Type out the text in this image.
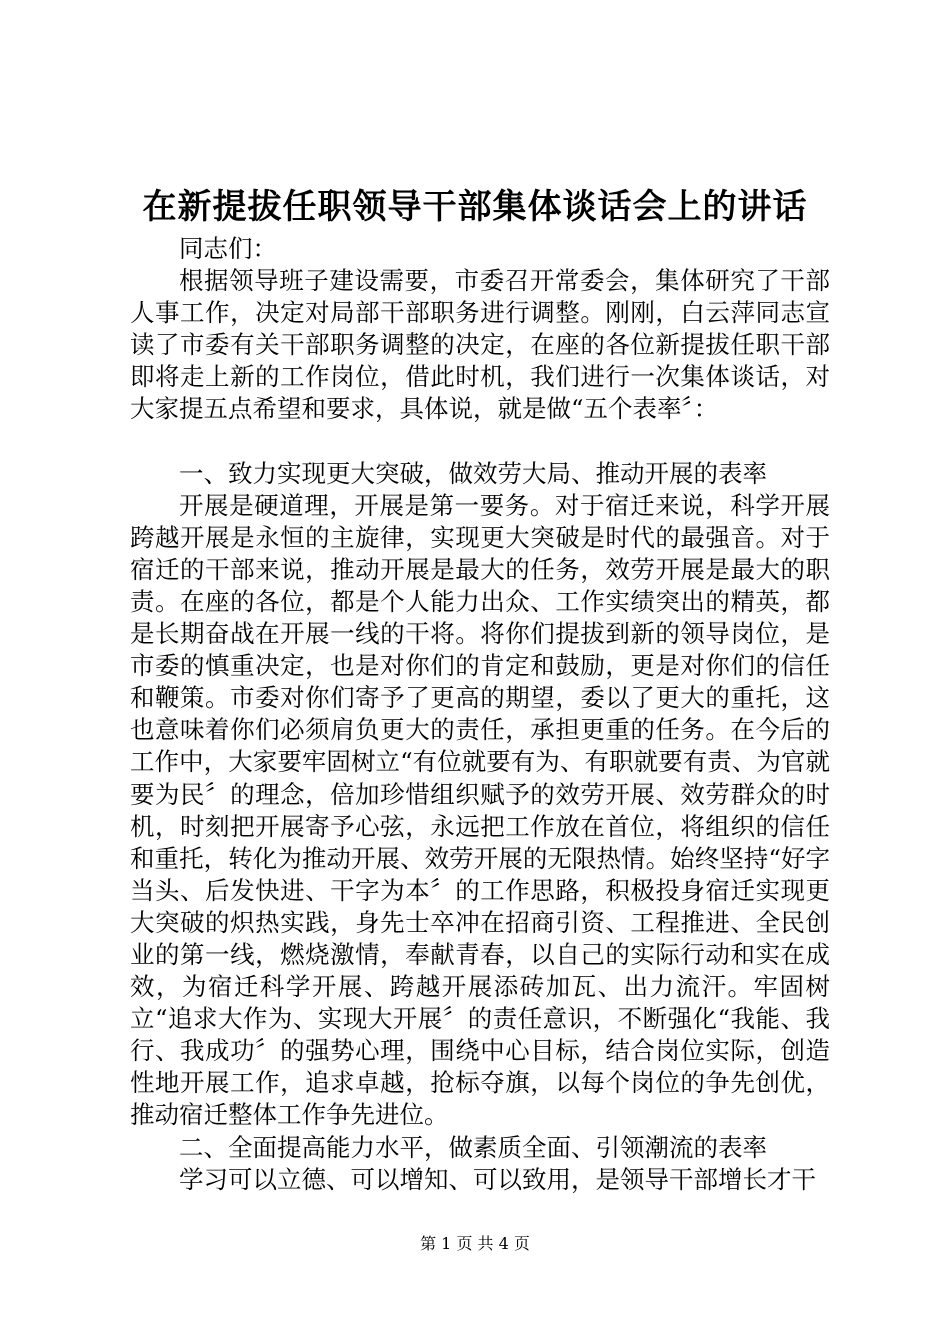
在新提拔任职领导干部集体谈话会上的讲话

同志们：

根据领导班子建设需要，市委召开常委会，集体研究了干部人事工作，决定对局部干部职务进行调整。刚刚，白云萍同志宣读了市委有关干部职务调整的决定，在座的各位新提拔任职干部即将走上新的工作岗位，借此时机，我们进行一次集体谈话，对大家提五点希望和要求，具体说，就是做“五个表率〞：

一、致力实现更大突破，做效劳大局、推动开展的表率

开展是硬道理，开展是第一要务。对于宿迁来说，科学开展跨越开展是永恒的主旋律，实现更大突破是时代的最强音。对于宿迁的干部来说，推动开展是最大的任务，效劳开展是最大的职责。在座的各位，都是个人能力出众、工作实绩突出的精英，都是长期奋战在开展一线的干将。将你们提拔到新的领导岗位，是市委的慎重决定，也是对你们的肯定和鼓励，更是对你们的信任和鞭策。市委对你们寄予了更高的期望，委以了更大的重托，这也意味着你们必须肩负更大的责任，承担更重的任务。在今后的工作中，大家要牢固树立“有位就要有为、有职就要有责、为官就要为民〞的理念，倍加珍惜组织赋予的效劳开展、效劳群众的时机，时刻把开展寄予心弦，永远把工作放在首位，将组织的信任和重托，转化为推动开展、效劳开展的无限热情。始终坚持“好字当头、后发快进、干字为本〞的工作思路，积极投身宿迁实现更大突破的炽热实践，身先士卒冲在招商引资、工程推进、全民创业的第一线，燃烧激情，奉献青春，以自己的实际行动和实在成效，为宿迁科学开展、跨越开展添砖加瓦、出力流汗。牢固树立“追求大作为、实现大开展〞的责任意识，不断强化“我能、我行、我成功〞的强势心理，围绕中心目标，结合岗位实际，创造性地开展工作，追求卓越，抢标夺旗，以每个岗位的争先创优，推动宿迁整体工作争先进位。

二、全面提高能力水平，做素质全面、引领潮流的表率

学习可以立德、可以增知、可以致用，是领导干部增长才干

第 1 页 共 4 页
